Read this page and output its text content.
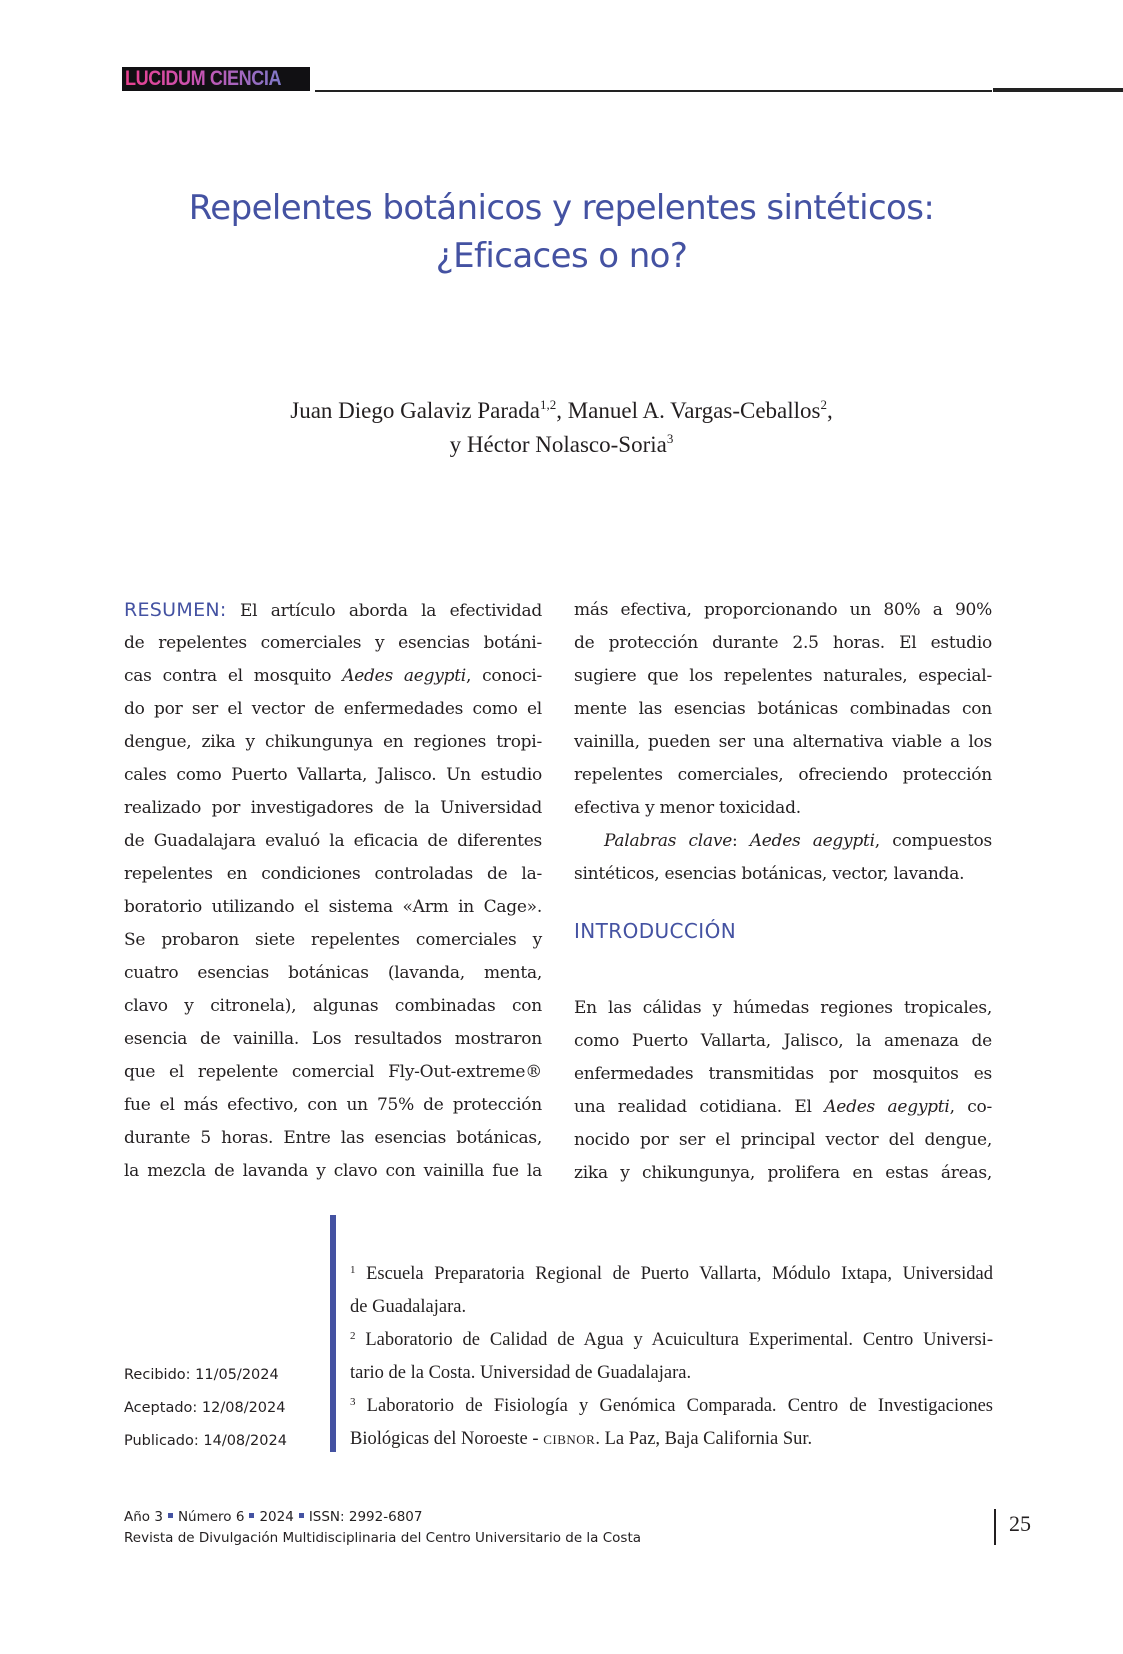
LUCIDUM CIENCIA
Repelentes botánicos y repelentes sintéticos:
¿Eficaces o no?
Juan Diego Galaviz Parada$^{1,2}$, Manuel A. Vargas-Ceballos$^2$,
y Héctor Nolasco-Soria$^3$
RESUMEN: El artículo aborda la efectividad
de repelentes comerciales y esencias botáni-
cas contra el mosquito Aedes aegypti, conoci-
do por ser el vector de enfermedades como el
dengue, zika y chikungunya en regiones tropi-
cales como Puerto Vallarta, Jalisco. Un estudio
realizado por investigadores de la Universidad
de Guadalajara evaluó la eficacia de diferentes
repelentes en condiciones controladas de la-
boratorio utilizando el sistema «Arm in Cage».
Se probaron siete repelentes comerciales y
cuatro esencias botánicas (lavanda, menta,
clavo y citronela), algunas combinadas con
esencia de vainilla. Los resultados mostraron
que el repelente comercial Fly-Out-extreme®
fue el más efectivo, con un 75% de protección
durante 5 horas. Entre las esencias botánicas,
la mezcla de lavanda y clavo con vainilla fue la
más efectiva, proporcionando un 80% a 90%
de protección durante 2.5 horas. El estudio
sugiere que los repelentes naturales, especial-
mente las esencias botánicas combinadas con
vainilla, pueden ser una alternativa viable a los
repelentes comerciales, ofreciendo protección
efectiva y menor toxicidad.
Palabras clave: Aedes aegypti, compuestos
sintéticos, esencias botánicas, vector, lavanda.
INTRODUCCIÓN
En las cálidas y húmedas regiones tropicales,
como Puerto Vallarta, Jalisco, la amenaza de
enfermedades transmitidas por mosquitos es
una realidad cotidiana. El Aedes aegypti, co-
nocido por ser el principal vector del dengue,
zika y chikungunya, prolifera en estas áreas,
$^1$ Escuela Preparatoria Regional de Puerto Vallarta, Módulo Ixtapa, Universidad
de Guadalajara.
$^2$ Laboratorio de Calidad de Agua y Acuicultura Experimental. Centro Universi-
tario de la Costa. Universidad de Guadalajara.
$^3$ Laboratorio de Fisiología y Genómica Comparada. Centro de Investigaciones
Biológicas del Noroeste - cibnor. La Paz, Baja California Sur.
Recibido: 11/05/2024
Aceptado: 12/08/2024
Publicado: 14/08/2024
Año 3 Número 6 2024 ISSN: 2992-6807
Revista de Divulgación Multidisciplinaria del Centro Universitario de la Costa
25
